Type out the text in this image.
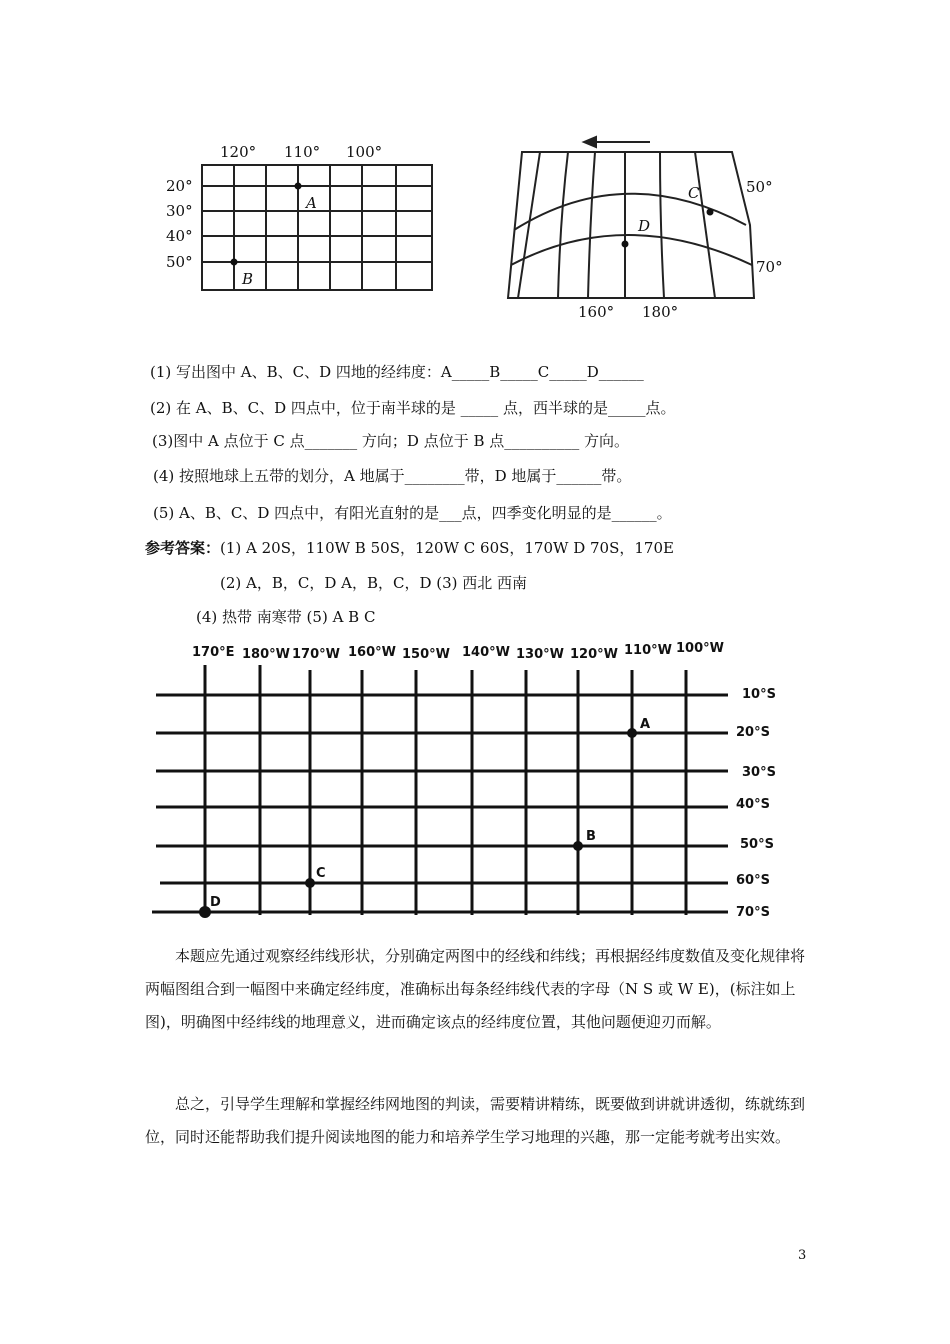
120° 110° 100°
20°
30°
40°
50°
A
B
C
D
50°
70°
160° 180°
(1) 写出图中 A、B、C、D 四地的经纬度：A_____B_____C_____D______
(2) 在 A、B、C、D 四点中，位于南半球的是 _____ 点，西半球的是_____点。
(3)图中 A 点位于 C 点_______ 方向；D 点位于 B 点__________ 方向。
(4) 按照地球上五带的划分，A 地属于________带，D 地属于______带。
(5) A、B、C、D 四点中，有阳光直射的是___点，四季变化明显的是______。
参考答案：(1) A 20S，110W B 50S，120W C 60S，170W D 70S，170E
(2) A，B，C，D A，B，C，D (3) 西北 西南
(4) 热带 南寒带 (5) A B C
A
B
C
D
170°E 180°W 170°W 160°W 150°W 140°W 130°W 120°W 110°W 100°W
10°S
20°S
30°S
40°S
50°S
60°S
70°S
本题应先通过观察经纬线形状，分别确定两图中的经线和纬线；再根据经纬度数值及变化规律将两幅图组合到一幅图中来确定经纬度，准确标出每条经纬线代表的字母（N S 或 W E)，(标注如上图)，明确图中经纬线的地理意义，进而确定该点的经纬度位置，其他问题便迎刃而解。
总之，引导学生理解和掌握经纬网地图的判读，需要精讲精练，既要做到讲就讲透彻，练就练到位，同时还能帮助我们提升阅读地图的能力和培养学生学习地理的兴趣，那一定能考就考出实效。
3
